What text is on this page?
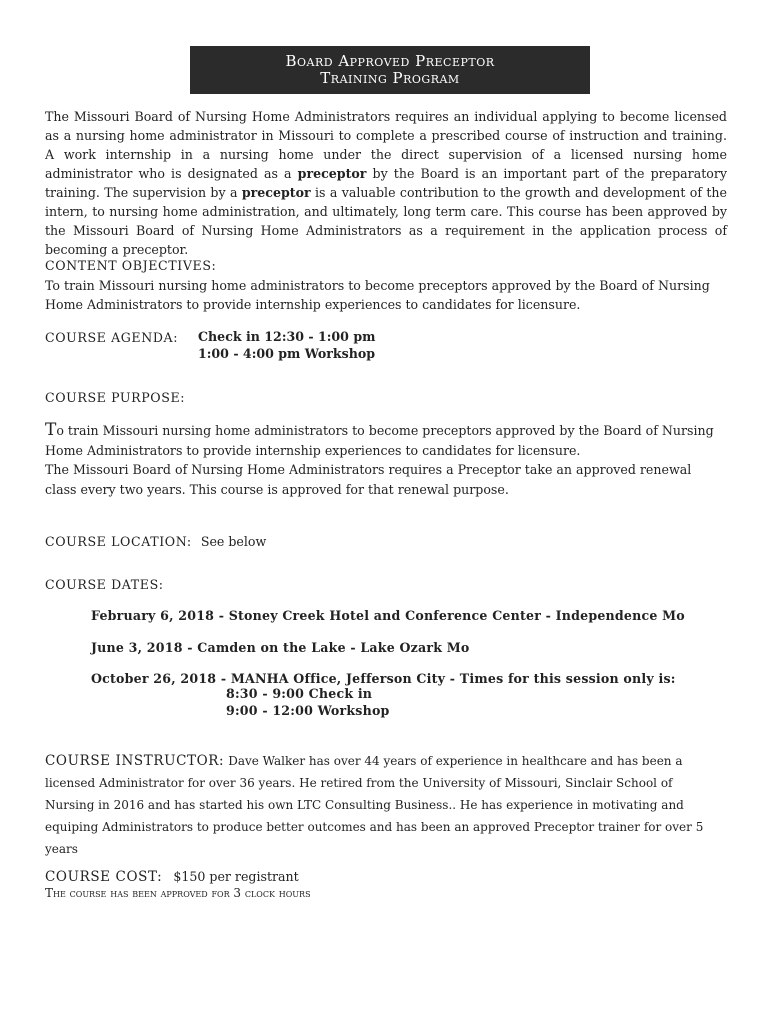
Board Approved Preceptor
Training Program
The Missouri Board of Nursing Home Administrators requires an individual applying to become licensed as a nursing home administrator in Missouri to complete a prescribed course of instruction and training. A work internship in a nursing home under the direct supervision of a licensed nursing home administrator who is designated as a preceptor by the Board is an important part of the preparatory training. The supervision by a preceptor is a valuable contribution to the growth and development of the intern, to nursing home administration, and ultimately, long term care. This course has been approved by the Missouri Board of Nursing Home Administrators as a requirement in the application process of becoming a preceptor.
CONTENT OBJECTIVES:
To train Missouri nursing home administrators to become preceptors approved by the Board of Nursing Home Administrators to provide internship experiences to candidates for licensure.
COURSE AGENDA: Check in 12:30 - 1:00 pm
1:00 - 4:00 pm Workshop
COURSE PURPOSE:
To train Missouri nursing home administrators to become preceptors approved by the Board of Nursing Home Administrators to provide internship experiences to candidates for licensure.
The Missouri Board of Nursing Home Administrators requires a Preceptor take an approved renewal class every two years. This course is approved for that renewal purpose.
COURSE LOCATION: See below
COURSE DATES:
February 6, 2018 - Stoney Creek Hotel and Conference Center - Independence Mo
June 3, 2018 - Camden on the Lake - Lake Ozark Mo
October 26, 2018 - MANHA Office, Jefferson City - Times for this session only is:
8:30 - 9:00 Check in
9:00 - 12:00 Workshop
COURSE INSTRUCTOR: Dave Walker has over 44 years of experience in healthcare and has been a licensed Administrator for over 36 years. He retired from the University of Missouri, Sinclair School of Nursing in 2016 and has started his own LTC Consulting Business.. He has experience in motivating and equiping Administrators to produce better outcomes and has been an approved Preceptor trainer for over 5 years
COURSE COST: $150 per registrant
The course has been approved for 3 clock hours
